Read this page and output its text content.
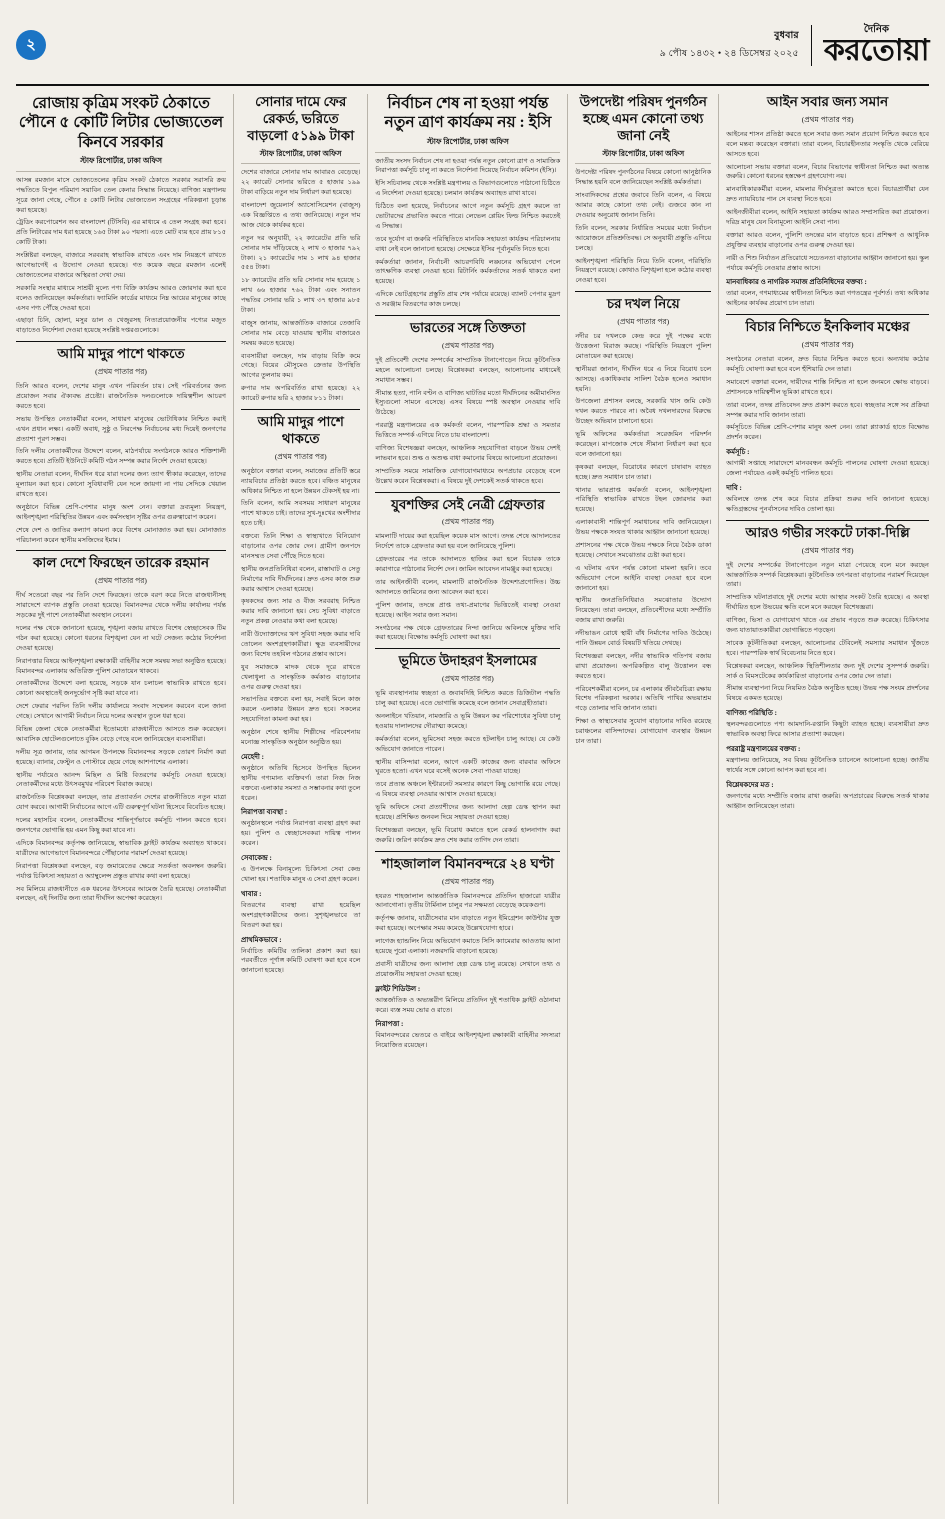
২
বুধবার
৯ পৌষ ১৪৩২ • ২৪ ডিসেম্বর ২০২৫
দৈনিক
করতোয়া
রোজায় কৃত্রিম সংকট ঠেকাতে পৌনে ৫ কোটি লিটার ভোজ্যতেল কিনবে সরকার
স্টাফ রিপোর্টার, ঢাকা অফিস

আসন্ন রমজান মাসে ভোজ্যতেলের কৃত্রিম সংকট ঠেকাতে সরকার সরাসরি ক্রয় পদ্ধতিতে বিপুল পরিমাণ সয়াবিন তেল কেনার সিদ্ধান্ত নিয়েছে। বাণিজ্য মন্ত্রণালয় সূত্রে জানা গেছে, পৌনে ৫ কোটি লিটার ভোজ্যতেল সংগ্রহের পরিকল্পনা চূড়ান্ত করা হয়েছে।

ট্রেডিং করপোরেশন অব বাংলাদেশ (টিসিবি) এর মাধ্যমে এ তেল সংগ্রহ করা হবে। প্রতি লিটারের দাম ধরা হয়েছে ১৬৫ টাকা ৯০ পয়সা। এতে মোট ব্যয় হবে প্রায় ৮১৫ কোটি টাকা।

সংশ্লিষ্টরা বলছেন, বাজারে সরবরাহ স্বাভাবিক রাখতে এবং দাম নিয়ন্ত্রণে রাখতে আগেভাগেই এ উদ্যোগ নেওয়া হয়েছে। গত কয়েক বছরে রমজান এলেই ভোজ্যতেলের বাজারে অস্থিরতা দেখা দেয়।

সরকারি সংস্থার মাধ্যমে সাশ্রয়ী মূল্যে পণ্য বিক্রি কার্যক্রম আরও জোরদার করা হবে বলেও জানিয়েছেন কর্মকর্তারা। ফ্যামিলি কার্ডের মাধ্যমে নিম্ন আয়ের মানুষের কাছে এসব পণ্য পৌঁছে দেওয়া হবে।

এছাড়া চিনি, ছোলা, মসুর ডাল ও খেজুরসহ নিত্যপ্রয়োজনীয় পণ্যের মজুত বাড়াতেও নির্দেশনা দেওয়া হয়েছে সংশ্লিষ্ট দপ্তরগুলোকে।

আমি মাদুর পাশে থাকতে
(প্রথম পাতার পর)

তিনি আরও বলেন, দেশের মানুষ এখন পরিবর্তন চায়। সেই পরিবর্তনের জন্য প্রয়োজন সবার ঐক্যবদ্ধ প্রচেষ্টা। রাজনৈতিক দলগুলোকে দায়িত্বশীল আচরণ করতে হবে।

সভায় উপস্থিত নেতাকর্মীরা বলেন, সাধারণ মানুষের ভোটাধিকার নিশ্চিত করাই এখন প্রধান লক্ষ্য। একটি অবাধ, সুষ্ঠু ও নিরপেক্ষ নির্বাচনের মধ্য দিয়েই জনগণের প্রত্যাশা পূরণ সম্ভব।

তিনি দলীয় নেতাকর্মীদের উদ্দেশে বলেন, মাঠপর্যায়ে সংগঠনকে আরও শক্তিশালী করতে হবে। প্রতিটি ইউনিটে কমিটি গঠন সম্পন্ন করার নির্দেশ দেওয়া হয়েছে।

স্থানীয় নেতারা বলেন, দীর্ঘদিন ধরে যারা দলের জন্য ত্যাগ স্বীকার করেছেন, তাদের মূল্যায়ন করা হবে। কোনো সুবিধাবাদী যেন দলে জায়গা না পায় সেদিকে খেয়াল রাখতে হবে।

অনুষ্ঠানে বিভিন্ন শ্রেণি-পেশার মানুষ অংশ নেন। বক্তারা দ্রব্যমূল্য নিয়ন্ত্রণ, আইনশৃঙ্খলা পরিস্থিতির উন্নয়ন এবং কর্মসংস্থান সৃষ্টির ওপর গুরুত্বারোপ করেন।

শেষে দেশ ও জাতির কল্যাণ কামনা করে বিশেষ মোনাজাত করা হয়। মোনাজাত পরিচালনা করেন স্থানীয় মসজিদের ইমাম।

কাল দেশে ফিরছেন তারেক রহমান
(প্রথম পাতার পর)

দীর্ঘ সতেরো বছর পর তিনি দেশে ফিরছেন। তাকে বরণ করে নিতে রাজধানীসহ সারাদেশে ব্যাপক প্রস্তুতি নেওয়া হয়েছে। বিমানবন্দর থেকে দলীয় কার্যালয় পর্যন্ত সড়কের দুই পাশে নেতাকর্মীরা অবস্থান নেবেন।

দলের পক্ষ থেকে জানানো হয়েছে, শৃঙ্খলা বজায় রাখতে বিশেষ স্বেচ্ছাসেবক টিম গঠন করা হয়েছে। কোনো ধরনের বিশৃঙ্খলা যেন না ঘটে সেজন্য কঠোর নির্দেশনা দেওয়া হয়েছে।

নিরাপত্তার বিষয়ে আইনশৃঙ্খলা রক্ষাকারী বাহিনীর সঙ্গে সমন্বয় সভা অনুষ্ঠিত হয়েছে। বিমানবন্দর এলাকায় অতিরিক্ত পুলিশ মোতায়েন থাকবে।

নেতাকর্মীদের উদ্দেশে বলা হয়েছে, সড়কে যান চলাচল স্বাভাবিক রাখতে হবে। কোনো অবস্থাতেই জনদুর্ভোগ সৃষ্টি করা যাবে না।

দেশে ফেরার পরদিন তিনি দলীয় কার্যালয়ে সংবাদ সম্মেলন করবেন বলে জানা গেছে। সেখানে আগামী নির্বাচন নিয়ে দলের অবস্থান তুলে ধরা হবে।

বিভিন্ন জেলা থেকে নেতাকর্মীরা ইতোমধ্যে রাজধানীতে আসতে শুরু করেছেন। আবাসিক হোটেলগুলোতে বুকিং বেড়ে গেছে বলে জানিয়েছেন ব্যবসায়ীরা।

দলীয় সূত্র জানায়, তার আগমন উপলক্ষে বিমানবন্দর সড়কে তোরণ নির্মাণ করা হয়েছে। ব্যানার, ফেস্টুন ও পোস্টারে ছেয়ে গেছে আশপাশের এলাকা।

স্থানীয় পর্যায়েও আনন্দ মিছিল ও মিষ্টি বিতরণের কর্মসূচি নেওয়া হয়েছে। নেতাকর্মীদের মধ্যে উৎসবমুখর পরিবেশ বিরাজ করছে।

রাজনৈতিক বিশ্লেষকরা বলছেন, তার প্রত্যাবর্তন দেশের রাজনীতিতে নতুন মাত্রা যোগ করবে। আগামী নির্বাচনের আগে এটি গুরুত্বপূর্ণ ঘটনা হিসেবে বিবেচিত হচ্ছে।

দলের মহাসচিব বলেন, নেতাকর্মীদের শান্তিপূর্ণভাবে কর্মসূচি পালন করতে হবে। জনগণের ভোগান্তি হয় এমন কিছু করা যাবে না।

এদিকে বিমানবন্দর কর্তৃপক্ষ জানিয়েছে, স্বাভাবিক ফ্লাইট কার্যক্রম অব্যাহত থাকবে। যাত্রীদের আগেভাগে বিমানবন্দরে পৌঁছানোর পরামর্শ দেওয়া হয়েছে।

নিরাপত্তা বিশ্লেষকরা বলছেন, বড় জমায়েতের ক্ষেত্রে সতর্কতা অবলম্বন জরুরি। পর্যাপ্ত চিকিৎসা সহায়তা ও অ্যাম্বুলেন্স প্রস্তুত রাখার কথা বলা হয়েছে।

সব মিলিয়ে রাজধানীতে এক ধরনের উৎসবের আমেজ তৈরি হয়েছে। নেতাকর্মীরা বলছেন, এই দিনটির জন্য তারা দীর্ঘদিন অপেক্ষা করেছেন।

সোনার দামে ফের রেকর্ড, ভরিতে বাড়লো ৫১৯৯ টাকা
স্টাফ রিপোর্টার, ঢাকা অফিস

দেশের বাজারে সোনার দাম আবারও বেড়েছে। ২২ ক্যারেট সোনার ভরিতে ৫ হাজার ১৯৯ টাকা বাড়িয়ে নতুন দাম নির্ধারণ করা হয়েছে।

বাংলাদেশ জুয়েলার্স অ্যাসোসিয়েশন (বাজুস) এক বিজ্ঞপ্তিতে এ তথ্য জানিয়েছে। নতুন দাম আজ থেকে কার্যকর হবে।

নতুন দর অনুযায়ী, ২২ ক্যারেটের প্রতি ভরি সোনার দাম দাঁড়িয়েছে ২ লাখ ৩ হাজার ৭৯২ টাকা। ২১ ক্যারেটের দাম ১ লাখ ৯৪ হাজার ৫৫৪ টাকা।

১৮ ক্যারেটের প্রতি ভরি সোনার দাম হয়েছে ১ লাখ ৬৬ হাজার ৭৬২ টাকা এবং সনাতন পদ্ধতির সোনার ভরি ১ লাখ ৩৭ হাজার ৯৮৫ টাকা।

বাজুস জানায়, আন্তর্জাতিক বাজারে তেজাবি সোনার দাম বেড়ে যাওয়ায় স্থানীয় বাজারেও সমন্বয় করতে হয়েছে।

ব্যবসায়ীরা বলছেন, দাম বাড়ায় বিক্রি কমে গেছে। বিয়ের মৌসুমেও ক্রেতার উপস্থিতি আগের তুলনায় কম।

রুপার দাম অপরিবর্তিত রাখা হয়েছে। ২২ ক্যারেট রুপার ভরি ২ হাজার ৮১১ টাকা।

আমি মাদুর পাশে থাকতে
(প্রথম পাতার পর)

অনুষ্ঠানে বক্তারা বলেন, সমাজের প্রতিটি স্তরে ন্যায়বিচার প্রতিষ্ঠা করতে হবে। বঞ্চিত মানুষের অধিকার নিশ্চিত না হলে উন্নয়ন টেকসই হয় না।

তিনি বলেন, আমি সবসময় সাধারণ মানুষের পাশে থাকতে চাই। তাদের সুখ-দুঃখের অংশীদার হতে চাই।

বক্তব্যে তিনি শিক্ষা ও স্বাস্থ্যখাতে বিনিয়োগ বাড়ানোর ওপর জোর দেন। গ্রামীণ জনপদে মানসম্মত সেবা পৌঁছে দিতে হবে।

স্থানীয় জনপ্রতিনিধিরা বলেন, রাস্তাঘাট ও সেতু নির্মাণের দাবি দীর্ঘদিনের। দ্রুত এসব কাজ শুরু করার আশ্বাস দেওয়া হয়েছে।

কৃষকদের জন্য সার ও বীজ সরবরাহ নিশ্চিত করার দাবি জানানো হয়। সেচ সুবিধা বাড়াতে নতুন প্রকল্প নেওয়ার কথা বলা হয়েছে।

নারী উদ্যোক্তাদের ঋণ সুবিধা সহজ করার দাবি তোলেন অংশগ্রহণকারীরা। ক্ষুদ্র ব্যবসায়ীদের জন্য বিশেষ তহবিল গঠনের প্রস্তাব আসে।

যুব সমাজকে মাদক থেকে দূরে রাখতে খেলাধুলা ও সাংস্কৃতিক কর্মকাণ্ড বাড়ানোর ওপর গুরুত্ব দেওয়া হয়।

সভাপতির বক্তব্যে বলা হয়, সবাই মিলে কাজ করলে এলাকার উন্নয়ন দ্রুত হবে। সকলের সহযোগিতা কামনা করা হয়।

অনুষ্ঠান শেষে স্থানীয় শিল্পীদের পরিবেশনায় মনোজ্ঞ সাংস্কৃতিক অনুষ্ঠান অনুষ্ঠিত হয়।

মেহেদী :

অনুষ্ঠানে অতিথি হিসেবে উপস্থিত ছিলেন স্থানীয় গণ্যমান্য ব্যক্তিবর্গ। তারা নিজ নিজ বক্তব্যে এলাকার সমস্যা ও সম্ভাবনার কথা তুলে ধরেন।

নিরাপত্তা ব্যবস্থা :

অনুষ্ঠানস্থলে পর্যাপ্ত নিরাপত্তা ব্যবস্থা গ্রহণ করা হয়। পুলিশ ও স্বেচ্ছাসেবকরা দায়িত্ব পালন করেন।

সেবাকেন্দ্র :

এ উপলক্ষে বিনামূল্যে চিকিৎসা সেবা কেন্দ্র খোলা হয়। শতাধিক মানুষ এ সেবা গ্রহণ করেন।

খাবার :

বিতরণের ব্যবস্থা রাখা হয়েছিল অংশগ্রহণকারীদের জন্য। সুশৃঙ্খলভাবে তা বিতরণ করা হয়।

প্রাথমিকভাবে :

নির্বাচিত কমিটির তালিকা প্রকাশ করা হয়। পরবর্তীতে পূর্ণাঙ্গ কমিটি ঘোষণা করা হবে বলে জানানো হয়েছে।

নির্বাচন শেষ না হওয়া পর্যন্ত নতুন ত্রাণ কার্যক্রম নয় : ইসি
স্টাফ রিপোর্টার, ঢাকা অফিস

জাতীয় সংসদ নির্বাচন শেষ না হওয়া পর্যন্ত নতুন কোনো ত্রাণ ও সামাজিক নিরাপত্তা কর্মসূচি চালু না করতে নির্দেশনা দিয়েছে নির্বাচন কমিশন (ইসি)।

ইসি সচিবালয় থেকে সংশ্লিষ্ট মন্ত্রণালয় ও বিভাগগুলোতে পাঠানো চিঠিতে এ নির্দেশনা দেওয়া হয়েছে। চলমান কার্যক্রম অব্যাহত রাখা যাবে।

চিঠিতে বলা হয়েছে, নির্বাচনের আগে নতুন কর্মসূচি গ্রহণ করলে তা ভোটারদের প্রভাবিত করতে পারে। লেভেল প্লেয়িং ফিল্ড নিশ্চিত করতেই এ সিদ্ধান্ত।

তবে দুর্যোগ বা জরুরি পরিস্থিতিতে মানবিক সহায়তা কার্যক্রম পরিচালনায় বাধা নেই বলে জানানো হয়েছে। সেক্ষেত্রে ইসির পূর্বানুমতি নিতে হবে।

কর্মকর্তারা জানান, নির্বাচনী আচরণবিধি লঙ্ঘনের অভিযোগ পেলে তাৎক্ষণিক ব্যবস্থা নেওয়া হবে। রিটার্নিং কর্মকর্তাদের সতর্ক থাকতে বলা হয়েছে।

এদিকে ভোটগ্রহণের প্রস্তুতি প্রায় শেষ পর্যায়ে রয়েছে। ব্যালট পেপার মুদ্রণ ও সরঞ্জাম বিতরণের কাজ চলছে।

ভারতের সঙ্গে তিক্ততা
(প্রথম পাতার পর)

দুই প্রতিবেশী দেশের সম্পর্কের সাম্প্রতিক টানাপোড়েন নিয়ে কূটনৈতিক মহলে আলোচনা চলছে। বিশ্লেষকরা বলছেন, আলোচনার মাধ্যমেই সমাধান সম্ভব।

সীমান্ত হত্যা, পানি বণ্টন ও বাণিজ্য ঘাটতির মতো দীর্ঘদিনের অমীমাংসিত ইস্যুগুলো সামনে এসেছে। এসব বিষয়ে স্পষ্ট অবস্থান নেওয়ার দাবি উঠেছে।

পররাষ্ট্র মন্ত্রণালয়ের এক কর্মকর্তা বলেন, পারস্পরিক শ্রদ্ধা ও সমতার ভিত্তিতে সম্পর্ক এগিয়ে নিতে চায় বাংলাদেশ।

বাণিজ্য বিশেষজ্ঞরা বলছেন, আঞ্চলিক সহযোগিতা বাড়লে উভয় দেশই লাভবান হবে। শুল্ক ও অশুল্ক বাধা কমানোর বিষয়ে আলোচনা প্রয়োজন।

সাম্প্রতিক সময়ে সামাজিক যোগাযোগমাধ্যমে অপপ্রচার বেড়েছে বলে উল্লেখ করেন বিশ্লেষকরা। এ বিষয়ে দুই দেশকেই সতর্ক থাকতে হবে।

যুবশক্তির সেই নেত্রী গ্রেফতার
(প্রথম পাতার পর)

মামলাটি দায়ের করা হয়েছিল কয়েক মাস আগে। তদন্ত শেষে আদালতের নির্দেশে তাকে গ্রেফতার করা হয় বলে জানিয়েছে পুলিশ।

গ্রেফতারের পর তাকে আদালতে হাজির করা হলে বিচারক তাকে কারাগারে পাঠানোর নির্দেশ দেন। জামিন আবেদন নামঞ্জুর করা হয়েছে।

তার আইনজীবী বলেন, মামলাটি রাজনৈতিক উদ্দেশ্যপ্রণোদিত। উচ্চ আদালতে জামিনের জন্য আবেদন করা হবে।

পুলিশ জানায়, তদন্তে প্রাপ্ত তথ্য-প্রমাণের ভিত্তিতেই ব্যবস্থা নেওয়া হয়েছে। আইন সবার জন্য সমান।

সংগঠনের পক্ষ থেকে গ্রেফতারের নিন্দা জানিয়ে অবিলম্বে মুক্তির দাবি করা হয়েছে। বিক্ষোভ কর্মসূচি ঘোষণা করা হয়।

ভূমিতে উদাহরণ ইসলামের
(প্রথম পাতার পর)

ভূমি ব্যবস্থাপনায় স্বচ্ছতা ও জবাবদিহি নিশ্চিত করতে ডিজিটাল পদ্ধতি চালু করা হয়েছে। এতে ভোগান্তি কমেছে বলে জানান সেবাগ্রহীতারা।

অনলাইনে খতিয়ান, নামজারি ও ভূমি উন্নয়ন কর পরিশোধের সুবিধা চালু হওয়ায় দালালদের দৌরাত্ম্য কমেছে।

কর্মকর্তারা বলেন, ভূমিসেবা সহজ করতে হটলাইন চালু আছে। যে কেউ অভিযোগ জানাতে পারেন।

স্থানীয় বাসিন্দারা বলেন, আগে একটি কাজের জন্য বারবার অফিসে ঘুরতে হতো। এখন ঘরে বসেই অনেক সেবা পাওয়া যাচ্ছে।

তবে প্রত্যন্ত অঞ্চলে ইন্টারনেট সমস্যার কারণে কিছু ভোগান্তি রয়ে গেছে। এ বিষয়ে ব্যবস্থা নেওয়ার আশ্বাস দেওয়া হয়েছে।

ভূমি অফিসে সেবা প্রত্যাশীদের জন্য আলাদা হেল্প ডেস্ক স্থাপন করা হয়েছে। প্রশিক্ষিত জনবল দিয়ে সহায়তা দেওয়া হচ্ছে।

বিশেষজ্ঞরা বলছেন, ভূমি বিরোধ কমাতে হলে রেকর্ড হালনাগাদ করা জরুরি। জরিপ কার্যক্রম দ্রুত শেষ করার তাগিদ দেন তারা।

শাহজালাল বিমানবন্দরে ২৪ ঘণ্টা
(প্রথম পাতার পর)

হযরত শাহজালাল আন্তর্জাতিক বিমানবন্দরে প্রতিদিন হাজারো যাত্রীর আনাগোনা। তৃতীয় টার্মিনাল চালুর পর সক্ষমতা বেড়েছে কয়েকগুণ।

কর্তৃপক্ষ জানায়, যাত্রীসেবার মান বাড়াতে নতুন ইমিগ্রেশন কাউন্টার যুক্ত করা হয়েছে। অপেক্ষার সময় কমেছে উল্লেখযোগ্য হারে।

লাগেজ হ্যান্ডলিং নিয়ে অভিযোগ কমাতে সিসি ক্যামেরার আওতায় আনা হয়েছে পুরো এলাকা। নজরদারি বাড়ানো হয়েছে।

প্রবাসী যাত্রীদের জন্য আলাদা হেল্প ডেস্ক চালু রয়েছে। সেখানে তথ্য ও প্রয়োজনীয় সহায়তা দেওয়া হচ্ছে।

ফ্লাইট শিডিউল :

আন্তর্জাতিক ও অভ্যন্তরীণ মিলিয়ে প্রতিদিন দুই শতাধিক ফ্লাইট ওঠানামা করে। ব্যস্ত সময় ভোর ও রাতে।

নিরাপত্তা :

বিমানবন্দরের ভেতরে ও বাইরে আইনশৃঙ্খলা রক্ষাকারী বাহিনীর সদস্যরা নিয়োজিত রয়েছেন।

উপদেষ্টা পরিষদ পুনর্গঠন হচ্ছে এমন কোনো তথ্য জানা নেই
স্টাফ রিপোর্টার, ঢাকা অফিস

উপদেষ্টা পরিষদ পুনর্গঠনের বিষয়ে কোনো আনুষ্ঠানিক সিদ্ধান্ত হয়নি বলে জানিয়েছেন সংশ্লিষ্ট কর্মকর্তারা।

সাংবাদিকদের প্রশ্নের জবাবে তিনি বলেন, এ বিষয়ে আমার কাছে কোনো তথ্য নেই। গুজবে কান না দেওয়ার অনুরোধ জানান তিনি।

তিনি বলেন, সরকার নির্ধারিত সময়ের মধ্যে নির্বাচন আয়োজনে প্রতিশ্রুতিবদ্ধ। সে অনুযায়ী প্রস্তুতি এগিয়ে চলছে।

আইনশৃঙ্খলা পরিস্থিতি নিয়ে তিনি বলেন, পরিস্থিতি নিয়ন্ত্রণে রয়েছে। কোথাও বিশৃঙ্খলা হলে কঠোর ব্যবস্থা নেওয়া হবে।

চর দখল নিয়ে
(প্রথম পাতার পর)

নদীর চর দখলকে কেন্দ্র করে দুই পক্ষের মধ্যে উত্তেজনা বিরাজ করছে। পরিস্থিতি নিয়ন্ত্রণে পুলিশ মোতায়েন করা হয়েছে।

স্থানীয়রা জানান, দীর্ঘদিন ধরে এ নিয়ে বিরোধ চলে আসছে। একাধিকবার সালিশ বৈঠক হলেও সমাধান হয়নি।

উপজেলা প্রশাসন বলছে, সরকারি খাস জমি কেউ দখল করতে পারবে না। অবৈধ দখলদারদের বিরুদ্ধে উচ্ছেদ অভিযান চালানো হবে।

ভূমি অফিসের কর্মকর্তারা সরেজমিন পরিদর্শন করেছেন। মাপজোক শেষে সীমানা নির্ধারণ করা হবে বলে জানানো হয়।

কৃষকরা বলছেন, বিরোধের কারণে চাষাবাদ ব্যাহত হচ্ছে। দ্রুত সমাধান চান তারা।

থানার ভারপ্রাপ্ত কর্মকর্তা বলেন, আইনশৃঙ্খলা পরিস্থিতি স্বাভাবিক রাখতে টহল জোরদার করা হয়েছে।

এলাকাবাসী শান্তিপূর্ণ সমাধানের দাবি জানিয়েছেন। উভয় পক্ষকে সংযত থাকার আহ্বান জানানো হয়েছে।

প্রশাসনের পক্ষ থেকে উভয় পক্ষকে নিয়ে বৈঠক ডাকা হয়েছে। সেখানে সমঝোতার চেষ্টা করা হবে।

এ ঘটনায় এখন পর্যন্ত কোনো মামলা হয়নি। তবে অভিযোগ পেলে আইনি ব্যবস্থা নেওয়া হবে বলে জানানো হয়।

স্থানীয় জনপ্রতিনিধিরাও সমঝোতার উদ্যোগ নিয়েছেন। তারা বলছেন, প্রতিবেশীদের মধ্যে সম্প্রীতি বজায় রাখা জরুরি।

নদীভাঙন রোধে স্থায়ী বাঁধ নির্মাণের দাবিও উঠেছে। পানি উন্নয়ন বোর্ড বিষয়টি খতিয়ে দেখছে।

বিশেষজ্ঞরা বলছেন, নদীর স্বাভাবিক গতিপথ বজায় রাখা প্রয়োজন। অপরিকল্পিত বালু উত্তোলন বন্ধ করতে হবে।

পরিবেশকর্মীরা বলেন, চর এলাকার জীববৈচিত্র্য রক্ষায় বিশেষ পরিকল্পনা দরকার। অতিথি পাখির অভয়াশ্রম গড়ে তোলার দাবি জানান তারা।

শিক্ষা ও স্বাস্থ্যসেবার সুযোগ বাড়ানোর দাবিও রয়েছে চরাঞ্চলের বাসিন্দাদের। যোগাযোগ ব্যবস্থার উন্নয়ন চান তারা।

আইন সবার জন্য সমান
(প্রথম পাতার পর)

আইনের শাসন প্রতিষ্ঠা করতে হলে সবার জন্য সমান প্রয়োগ নিশ্চিত করতে হবে বলে মন্তব্য করেছেন বক্তারা। তারা বলেন, বিচারহীনতার সংস্কৃতি থেকে বেরিয়ে আসতে হবে।

আলোচনা সভায় বক্তারা বলেন, বিচার বিভাগের স্বাধীনতা নিশ্চিত করা অত্যন্ত জরুরি। কোনো ধরনের হস্তক্ষেপ গ্রহণযোগ্য নয়।

মানবাধিকারকর্মীরা বলেন, মামলার দীর্ঘসূত্রতা কমাতে হবে। বিচারপ্রার্থীরা যেন দ্রুত ন্যায়বিচার পান সে ব্যবস্থা নিতে হবে।

আইনজীবীরা বলেন, আইনি সহায়তা কার্যক্রম আরও সম্প্রসারিত করা প্রয়োজন। দরিদ্র মানুষ যেন বিনামূল্যে আইনি সেবা পান।

বক্তারা আরও বলেন, পুলিশি তদন্তের মান বাড়াতে হবে। প্রশিক্ষণ ও আধুনিক প্রযুক্তির ব্যবহার বাড়ানোর ওপর গুরুত্ব দেওয়া হয়।

নারী ও শিশু নির্যাতন প্রতিরোধে সচেতনতা বাড়ানোর আহ্বান জানানো হয়। স্কুল পর্যায়ে কর্মসূচি নেওয়ার প্রস্তাব আসে।

মানবাধিকার ও নাগরিক সমাজ প্রতিনিধিদের বক্তব্য :

তারা বলেন, গণমাধ্যমের স্বাধীনতা নিশ্চিত করা গণতন্ত্রের পূর্বশর্ত। তথ্য অধিকার আইনের কার্যকর প্রয়োগ চান তারা।

বিচার নিশ্চিতে ইনকিলাব মঞ্চের
(প্রথম পাতার পর)

সংগঠনের নেতারা বলেন, দ্রুত বিচার নিশ্চিত করতে হবে। অন্যথায় কঠোর কর্মসূচি ঘোষণা করা হবে বলে হুঁশিয়ারি দেন তারা।

সমাবেশে বক্তারা বলেন, দায়ীদের শাস্তি নিশ্চিত না হলে জনমনে ক্ষোভ বাড়বে। প্রশাসনকে দায়িত্বশীল ভূমিকা রাখতে হবে।

তারা বলেন, তদন্ত প্রতিবেদন দ্রুত প্রকাশ করতে হবে। স্বচ্ছতার সঙ্গে সব প্রক্রিয়া সম্পন্ন করার দাবি জানান তারা।

কর্মসূচিতে বিভিন্ন শ্রেণি-পেশার মানুষ অংশ নেন। তারা প্ল্যাকার্ড হাতে বিক্ষোভ প্রদর্শন করেন।

কর্মসূচি :

আগামী সপ্তাহে সারাদেশে মানববন্ধন কর্মসূচি পালনের ঘোষণা দেওয়া হয়েছে। জেলা পর্যায়েও একই কর্মসূচি পালিত হবে।

দাবি :

অবিলম্বে তদন্ত শেষ করে বিচার প্রক্রিয়া শুরুর দাবি জানানো হয়েছে। ক্ষতিগ্রস্তদের পুনর্বাসনের দাবিও তোলা হয়।

আরও গভীর সংকটে ঢাকা-দিল্লি
(প্রথম পাতার পর)

দুই দেশের সম্পর্কের টানাপোড়েন নতুন মাত্রা পেয়েছে বলে মনে করছেন আন্তর্জাতিক সম্পর্ক বিশ্লেষকরা। কূটনৈতিক তৎপরতা বাড়ানোর পরামর্শ দিয়েছেন তারা।

সাম্প্রতিক ঘটনাপ্রবাহে দুই দেশের মধ্যে আস্থার সংকট তৈরি হয়েছে। এ অবস্থা দীর্ঘায়িত হলে উভয়ের ক্ষতি বলে মনে করছেন বিশেষজ্ঞরা।

বাণিজ্য, ভিসা ও যোগাযোগ খাতে এর প্রভাব পড়তে শুরু করেছে। চিকিৎসার জন্য যাতায়াতকারীরা ভোগান্তিতে পড়ছেন।

সাবেক কূটনীতিকরা বলছেন, আলোচনার টেবিলেই সমস্যার সমাধান খুঁজতে হবে। পারস্পরিক স্বার্থ বিবেচনায় নিতে হবে।

বিশ্লেষকরা বলছেন, আঞ্চলিক স্থিতিশীলতার জন্য দুই দেশের সুসম্পর্ক জরুরি। সার্ক ও বিমসটেকের কার্যকারিতা বাড়ানোর ওপর জোর দেন তারা।

সীমান্ত ব্যবস্থাপনা নিয়ে নিয়মিত বৈঠক অনুষ্ঠিত হচ্ছে। উভয় পক্ষ সংযম প্রদর্শনের বিষয়ে একমত হয়েছে।

বাণিজ্য পরিস্থিতি :

স্থলবন্দরগুলোতে পণ্য আমদানি-রপ্তানি কিছুটা ব্যাহত হচ্ছে। ব্যবসায়ীরা দ্রুত স্বাভাবিক অবস্থা ফিরে আসার প্রত্যাশা করছেন।

পররাষ্ট্র মন্ত্রণালয়ের বক্তব্য :

মন্ত্রণালয় জানিয়েছে, সব বিষয় কূটনৈতিক চ্যানেলে আলোচনা হচ্ছে। জাতীয় স্বার্থের সঙ্গে কোনো আপস করা হবে না।

বিশ্লেষকদের মত :

জনগণের মধ্যে সম্প্রীতি বজায় রাখা জরুরি। অপপ্রচারের বিরুদ্ধে সতর্ক থাকার আহ্বান জানিয়েছেন তারা।
